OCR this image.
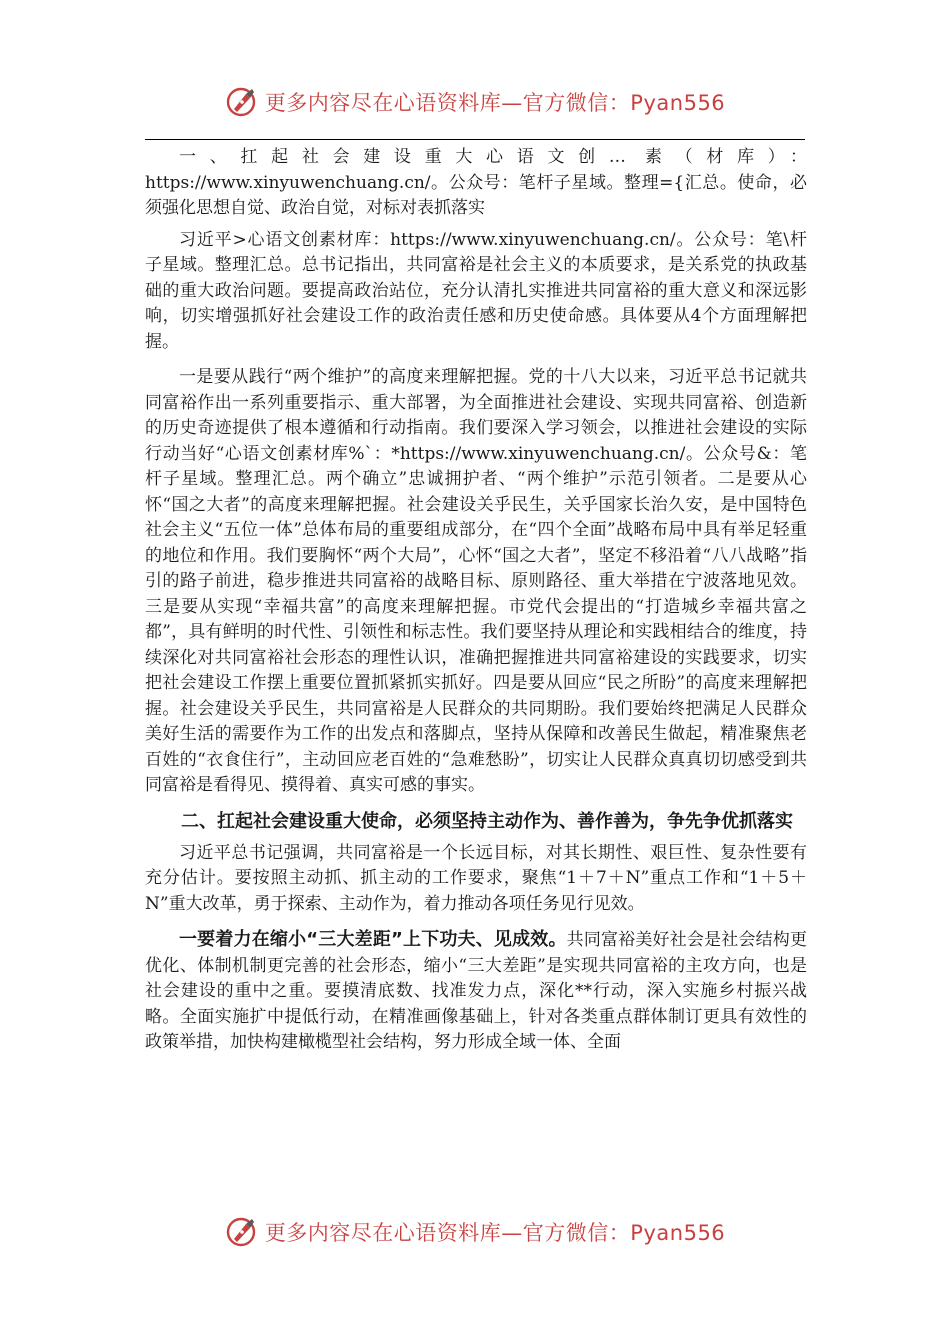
更多内容尽在心语资料库—官方微信：Pyan556

一、扛起社会建设重大心语文创… 素（材库）：https://www.xinyuwenchuang.cn/。公众号：笔杆子星域。整理={汇总。使命，必须强化思想自觉、政治自觉，对标对表抓落实

习近平>心语文创素材库：https://www.xinyuwenchuang.cn/。公众号：笔\杆子星域。整理汇总。总书记指出，共同富裕是社会主义的本质要求，是关系党的执政基础的重大政治问题。要提高政治站位，充分认清扎实推进共同富裕的重大意义和深远影响，切实增强抓好社会建设工作的政治责任感和历史使命感。具体要从4个方面理解把握。

一是要从践行“两个维护”的高度来理解把握。党的十八大以来，习近平总书记就共同富裕作出一系列重要指示、重大部署，为全面推进社会建设、实现共同富裕、创造新的历史奇迹提供了根本遵循和行动指南。我们要深入学习领会，以推进社会建设的实际行动当好“心语文创素材库%`：*https://www.xinyuwenchuang.cn/。公众号&：笔杆子星域。整理汇总。两个确立”忠诚拥护者、“两个维护”示范引领者。二是要从心怀“国之大者”的高度来理解把握。社会建设关乎民生，关乎国家长治久安，是中国特色社会主义“五位一体”总体布局的重要组成部分，在“四个全面”战略布局中具有举足轻重的地位和作用。我们要胸怀“两个大局”，心怀“国之大者”，坚定不移沿着“八八战略”指引的路子前进，稳步推进共同富裕的战略目标、原则路径、重大举措在宁波落地见效。三是要从实现“幸福共富”的高度来理解把握。市党代会提出的“打造城乡幸福共富之都”，具有鲜明的时代性、引领性和标志性。我们要坚持从理论和实践相结合的维度，持续深化对共同富裕社会形态的理性认识，准确把握推进共同富裕建设的实践要求，切实把社会建设工作摆上重要位置抓紧抓实抓好。四是要从回应“民之所盼”的高度来理解把握。社会建设关乎民生，共同富裕是人民群众的共同期盼。我们要始终把满足人民群众美好生活的需要作为工作的出发点和落脚点，坚持从保障和改善民生做起，精准聚焦老百姓的“衣食住行”，主动回应老百姓的“急难愁盼”，切实让人民群众真真切切感受到共同富裕是看得见、摸得着、真实可感的事实。

二、扛起社会建设重大使命，必须坚持主动作为、善作善为，争先争优抓落实

习近平总书记强调，共同富裕是一个长远目标，对其长期性、艰巨性、复杂性要有充分估计。要按照主动抓、抓主动的工作要求，聚焦“1＋7＋N”重点工作和“1＋5＋N”重大改革，勇于探索、主动作为，着力推动各项任务见行见效。

一要着力在缩小“三大差距”上下功夫、见成效。共同富裕美好社会是社会结构更优化、体制机制更完善的社会形态，缩小“三大差距”是实现共同富裕的主攻方向，也是社会建设的重中之重。要摸清底数、找准发力点，深化**行动，深入实施乡村振兴战略。全面实施扩中提低行动，在精准画像基础上，针对各类重点群体制订更具有效性的政策举措，加快构建橄榄型社会结构，努力形成全域一体、全面

更多内容尽在心语资料库—官方微信：Pyan556
